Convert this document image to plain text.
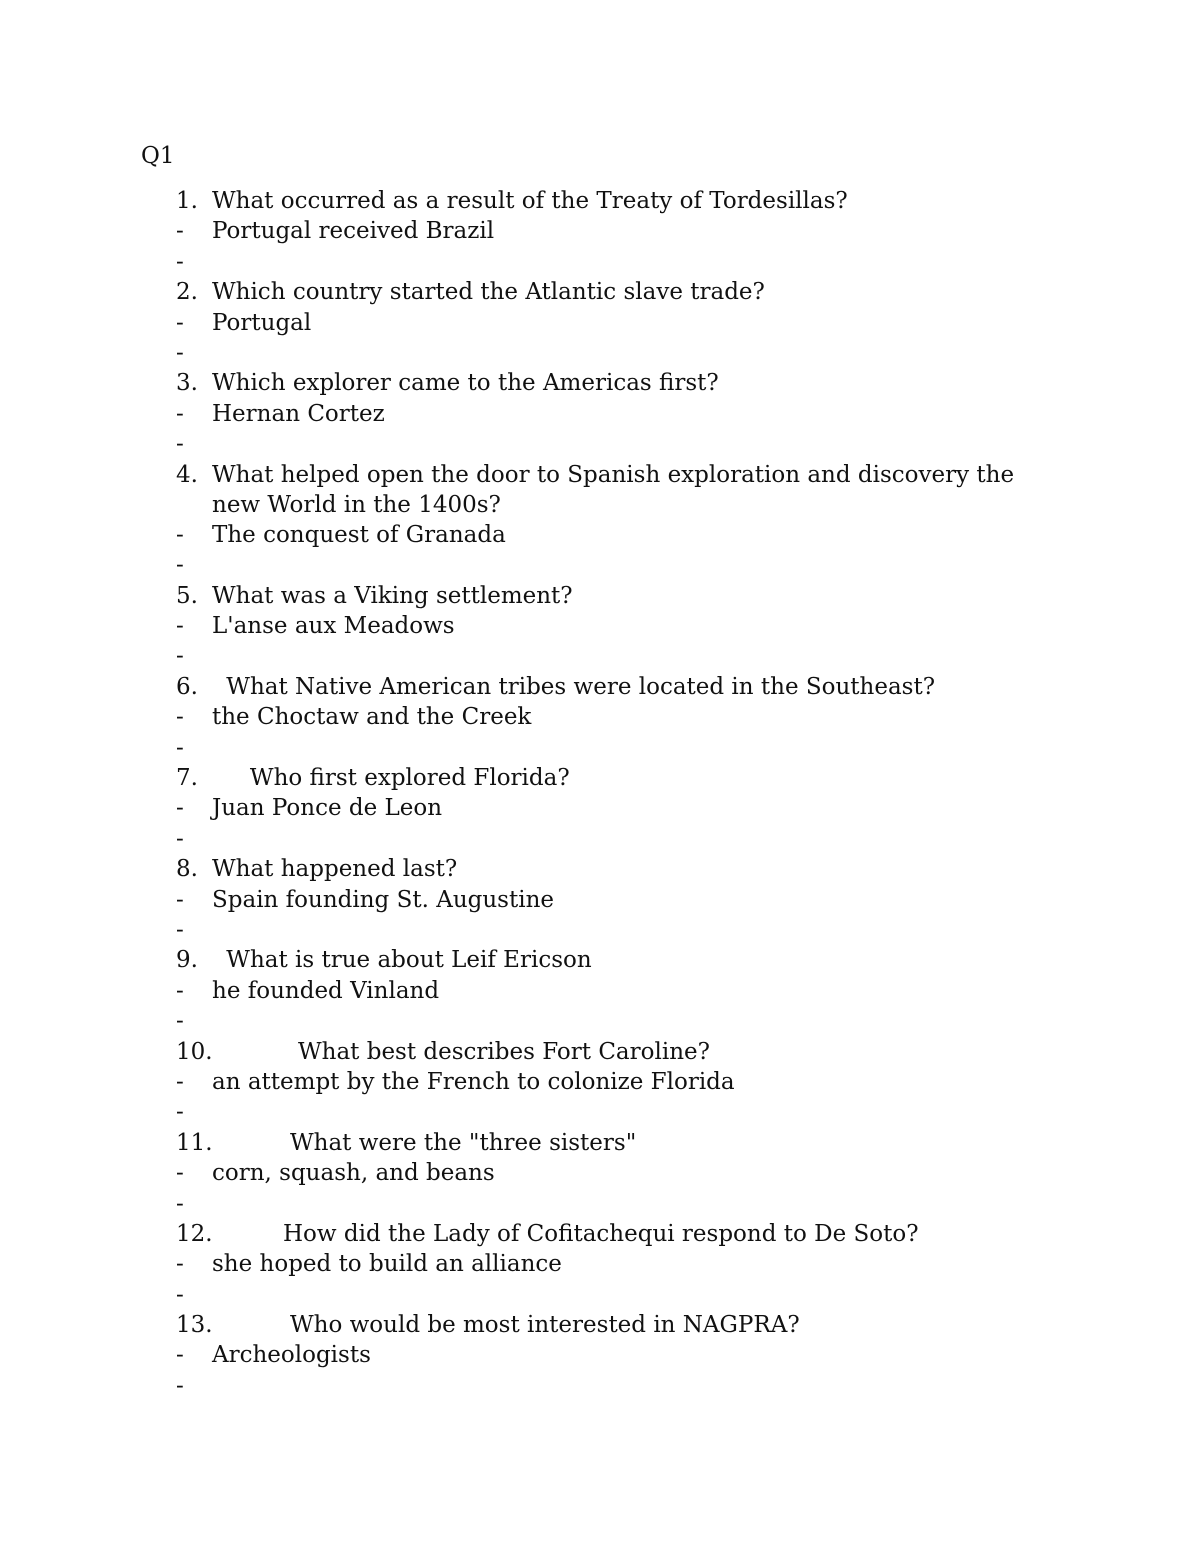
Q1
1. What occurred as a result of the Treaty of Tordesillas?
- Portugal received Brazil
-
2. Which country started the Atlantic slave trade?
- Portugal
-
3. Which explorer came to the Americas first?
- Hernan Cortez
-
4. What helped open the door to Spanish exploration and discovery the
new World in the 1400s?
- The conquest of Granada
-
5. What was a Viking settlement?
- L'anse aux Meadows
-
6. What Native American tribes were located in the Southeast?
- the Choctaw and the Creek
-
7. Who first explored Florida?
- Juan Ponce de Leon
-
8. What happened last?
- Spain founding St. Augustine
-
9. What is true about Leif Ericson
- he founded Vinland
-
10.	What best describes Fort Caroline?
- an attempt by the French to colonize Florida
-
11.	What were the "three sisters"
- corn, squash, and beans
-
12.	How did the Lady of Cofitachequi respond to De Soto?
- she hoped to build an alliance
-
13.	Who would be most interested in NAGPRA?
- Archeologists
-
